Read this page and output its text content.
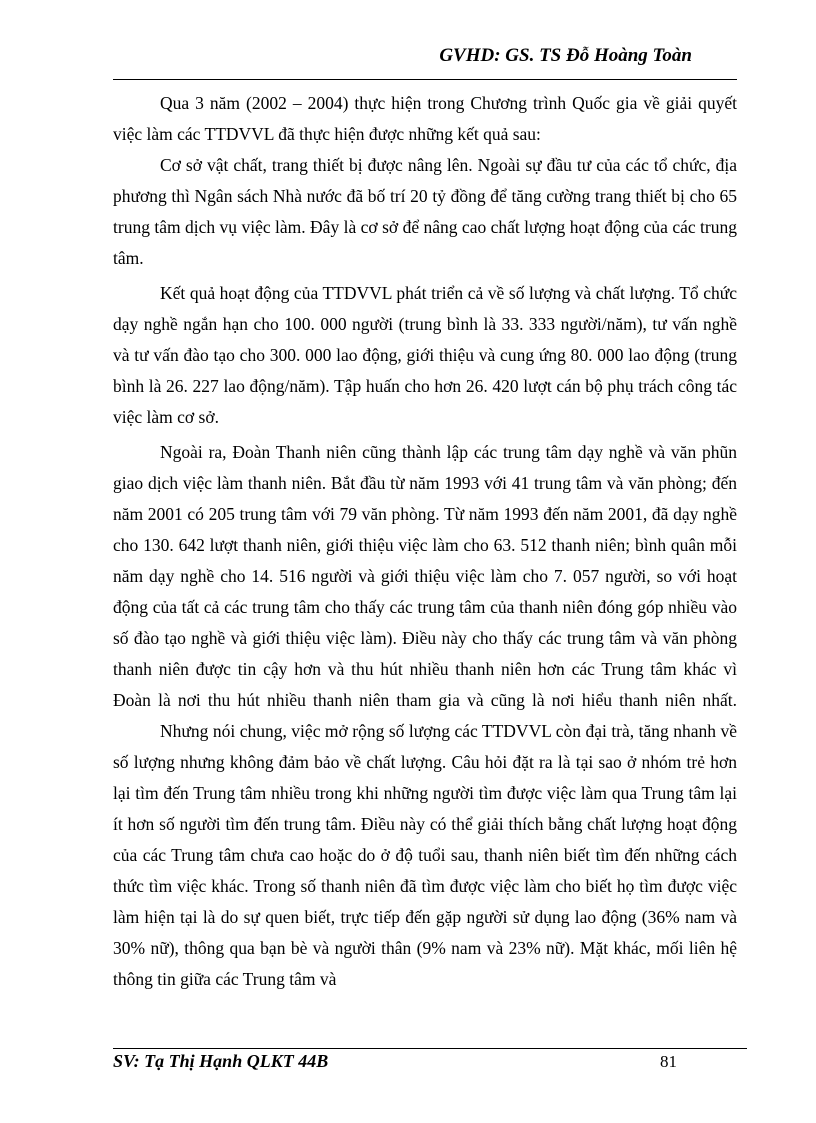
GVHD: GS. TS Đỗ Hoàng Toàn

Qua 3 năm (2002 – 2004) thực hiện trong Chương trình Quốc gia về giải quyết việc làm các TTDVVL đã thực hiện được những kết quả sau:

Cơ sở vật chất, trang thiết bị được nâng lên. Ngoài sự đầu tư của các tổ chức, địa phương thì Ngân sách Nhà nước đã bố trí 20 tỷ đồng để tăng cường trang thiết bị cho 65 trung tâm dịch vụ việc làm. Đây là cơ sở để nâng cao chất lượng hoạt động của các trung tâm.

Kết quả hoạt động của TTDVVL phát triển cả về số lượng và chất lượng. Tổ chức dạy nghề ngắn hạn cho 100. 000 người (trung bình là 33. 333 người/năm), tư vấn nghề và tư vấn đào tạo cho 300. 000 lao động, giới thiệu và cung ứng 80. 000 lao động (trung bình là 26. 227 lao động/năm). Tập huấn cho hơn 26. 420 lượt cán bộ phụ trách công tác việc làm cơ sở.

Ngoài ra, Đoàn Thanh niên cũng thành lập các trung tâm dạy nghề và văn phũn giao dịch việc làm thanh niên. Bắt đầu từ năm 1993 với 41 trung tâm và văn phòng; đến năm 2001 có 205 trung tâm với 79 văn phòng. Từ năm 1993 đến năm 2001, đã dạy nghề cho 130. 642 lượt thanh niên, giới thiệu việc làm cho 63. 512 thanh niên; bình quân mỗi năm dạy nghề cho 14. 516 người và giới thiệu việc làm cho 7. 057 người, so với hoạt động của tất cả các trung tâm cho thấy các trung tâm của thanh niên đóng góp nhiều vào số đào tạo nghề và giới thiệu việc làm). Điều này cho thấy các trung tâm và văn phòng thanh niên được tin cậy hơn và thu hút nhiều thanh niên hơn các Trung tâm khác vì Đoàn là nơi thu hút nhiều thanh niên tham gia và cũng là nơi hiểu thanh niên nhất.

Nhưng nói chung, việc mở rộng số lượng các TTDVVL còn đại trà, tăng nhanh về số lượng nhưng không đảm bảo về chất lượng. Câu hỏi đặt ra là tại sao ở nhóm trẻ hơn lại tìm đến Trung tâm nhiều trong khi những người tìm được việc làm qua Trung tâm lại ít hơn số người tìm đến trung tâm. Điều này có thể giải thích bằng chất lượng hoạt động của các Trung tâm chưa cao hoặc do ở độ tuổi sau, thanh niên biết tìm đến những cách thức tìm việc khác. Trong số thanh niên đã tìm được việc làm cho biết họ tìm được việc làm hiện tại là do sự quen biết, trực tiếp đến gặp người sử dụng lao động (36% nam và 30% nữ), thông qua bạn bè và người thân (9% nam và 23% nữ). Mặt khác, mối liên hệ thông tin giữa các Trung tâm và

SV: Tạ Thị Hạnh QLKT 44B	81
